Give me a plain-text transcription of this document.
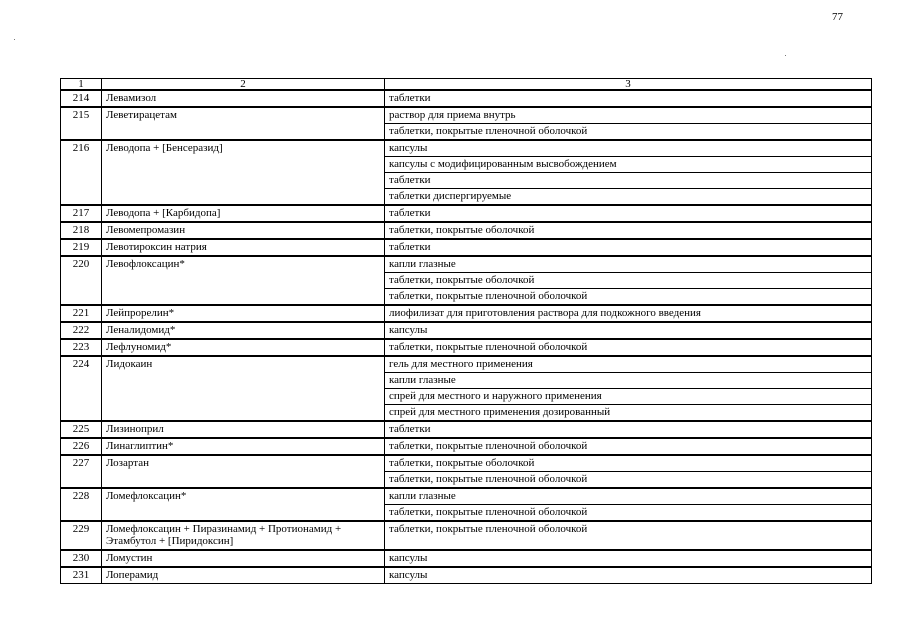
77
1	2	3
214	Левамизол	таблетки
215	Леветирацетам	раствор для приема внутрь
		таблетки, покрытые пленочной оболочкой
216	Леводопа + [Бенсеразид]	капсулы
		капсулы с модифицированным высвобождением
		таблетки
		таблетки диспергируемые
217	Леводопа + [Карбидопа]	таблетки
218	Левомепромазин	таблетки, покрытые оболочкой
219	Левотироксин натрия	таблетки
220	Левофлоксацин*	капли глазные
		таблетки, покрытые оболочкой
		таблетки, покрытые пленочной оболочкой
221	Лейпрорелин*	лиофилизат для приготовления раствора для подкожного введения
222	Леналидомид*	капсулы
223	Лефлуномид*	таблетки, покрытые пленочной оболочкой
224	Лидокаин	гель для местного применения
		капли глазные
		спрей для местного и наружного применения
		спрей для местного применения дозированный
225	Лизиноприл	таблетки
226	Линаглиптин*	таблетки, покрытые пленочной оболочкой
227	Лозартан	таблетки, покрытые оболочкой
		таблетки, покрытые пленочной оболочкой
228	Ломефлоксацин*	капли глазные
		таблетки, покрытые пленочной оболочкой
229	Ломефлоксацин + Пиразинамид + Протионамид + Этамбутол + [Пиридоксин]	таблетки, покрытые пленочной оболочкой
230	Ломустин	капсулы
231	Лоперамид	капсулы
